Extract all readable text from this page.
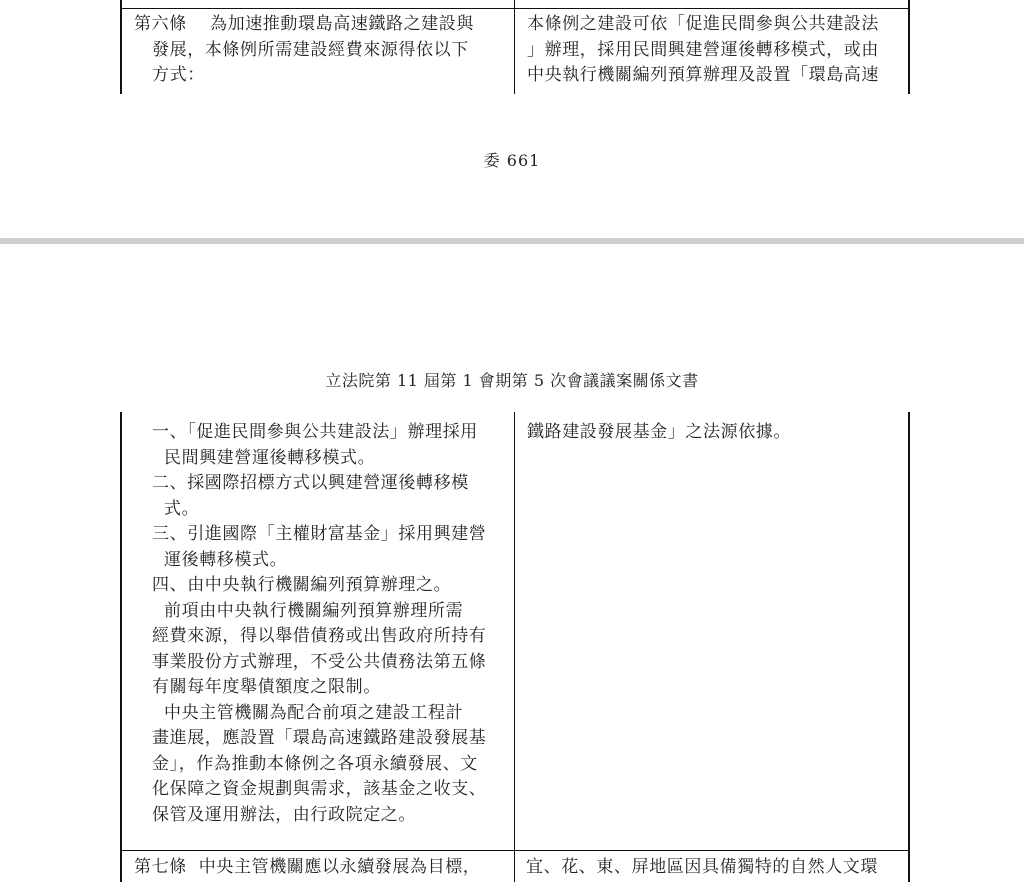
第六條 為加速推動環島高速鐵路之建設與
發展，本條例所需建設經費來源得依以下
方式：
本條例之建設可依「促進民間參與公共建設法
」辦理，採用民間興建營運後轉移模式，或由
中央執行機關編列預算辦理及設置「環島高速
委 661
立法院第 11 屆第 1 會期第 5 次會議議案關係文書
一、「促進民間參與公共建設法」辦理採用
民間興建營運後轉移模式。
二、採國際招標方式以興建營運後轉移模
式。
三、引進國際「主權財富基金」採用興建營
運後轉移模式。
四、由中央執行機關編列預算辦理之。
前項由中央執行機關編列預算辦理所需
經費來源，得以舉借債務或出售政府所持有
事業股份方式辦理，不受公共債務法第五條
有關每年度舉債額度之限制。
中央主管機關為配合前項之建設工程計
畫進展，應設置「環島高速鐵路建設發展基
金」，作為推動本條例之各項永續發展、文
化保障之資金規劃與需求，該基金之收支、
保管及運用辦法，由行政院定之。
鐵路建設發展基金」之法源依據。
第七條  中央主管機關應以永續發展為目標，	宜、花、東、屏地區因具備獨特的自然人文環
